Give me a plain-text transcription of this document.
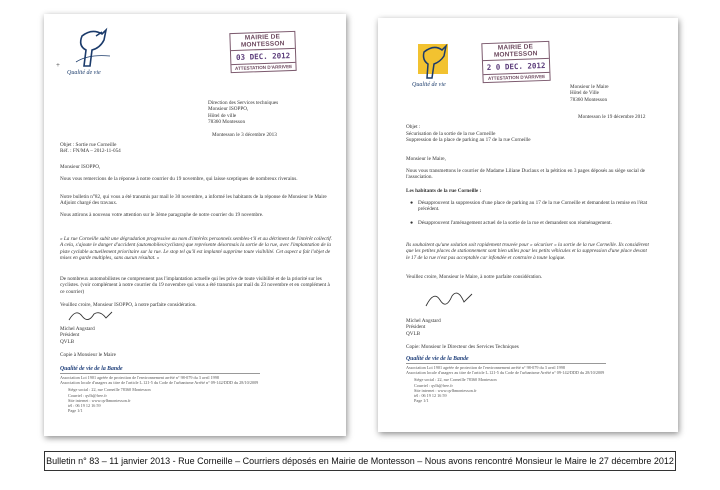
Qualité de vie
+
MAIRIE DE MONTESSON
03 DEC. 2012
ATTESTATION D'ARRIVEE
Direction des Services techniques
Monsieur ISOPPO,
Hôtel de ville
78360 Montesson
Montesson le 3 décembre 2013
Objet : Sortie rue Corneille
Réf. : FN/MA – 2012-11-054
Monsieur ISOPPO,
Nous vous remercions de la réponse à notre courrier du 19 novembre, qui laisse sceptiques de nombreux riverains.
Notre bulletin n°82, qui vous a été transmis par mail le 30 novembre, a informé les habitants de la réponse de Monsieur le Maire Adjoint chargé des travaux.
Nous attirons à nouveau votre attention sur le 3ème paragraphe de notre courrier du 19 novembre.
« La rue Corneille subit une dégradation progressive au nom d'intérêts personnels sembles-t'il et au détriment de l'intérêt collectif. A cela, s'ajoute le danger d'accident (automobiles/cyclistes) que représente désormais la sortie de la rue, avec l'implantation de la piste cyclable actuellement prioritaire sur la rue. Le stop tel qu'il est implanté supprime toute visibilité. Cet aspect a fait l'objet de mises en garde multiples, sans aucun résultat. »
De nombreux automobilistes ne comprennent pas l'implantation actuelle qui les prive de toute visibilité et de la priorité sur les cyclistes. (voir complément à notre courrier du 19 novembre qui vous a été transmis par mail du 23 novembre et en complément à ce courrier)
Veuillez croire, Monsieur ISOPPO, à notre parfaite considération.
Michel Angstard
Président
QVLB
Copie à Monsieur le Maire
Qualité de vie de la Bande
Association Loi 1901 agréée de protection de l'environnement arrêté n° 98-079 du 3 avril 1998
Association locale d'usagers au titre de l'article L.121-5 du Code de l'urbanisme Arrêté n° 09-142/DDD du 28/10/2009
Siège social : 22, rue Corneille 78360 Montesson
Courriel : qvlb@free.fr
Site internet : www.qvlbmontesson.fr
tél : 06 19 12 16 59
Page 1/1
Qualité de vie
MAIRIE DE MONTESSON
2 0 DEC. 2012
ATTESTATION D'ARRIVEE
Monsieur le Maire
Hôtel de Ville
78360 Montesson
Montesson le 19 décembre 2012
Objet :
Sécurisation de la sortie de la rue Corneille
Suppression de la place de parking au 17 de la rue Corneille
Monsieur le Maire,
Nous vous transmettons le courrier de Madame Liliane Duclaux et la pétition en 3 pages déposés au siège social de l'association.
Les habitants de la rue Corneille :
● Désapprouvent la suppression d'une place de parking au 17 de la rue Corneille et demandent la remise en l'état précédent.
● Désapprouvent l'aménagement actuel de la sortie de la rue et demandent son réaménagement.
Ils souhaitent qu'une solution soit rapidement trouvée pour « sécuriser » la sortie de la rue Corneille. Ils considèrent que les petites places de stationnement sont bien utiles pour les petits véhicules et la suppression d'une place devant le 17 de la rue n'est pas acceptable car infondée et contraire à toute logique.
Veuillez croire, Monsieur le Maire, à notre parfaite considération.
Michel Angstard
Président
QVLB
Copie: Monsieur le Directeur des Services Techniques
Qualité de vie de la Bande
Association Loi 1901 agréée de protection de l'environnement arrêté n° 98-079 du 3 avril 1998
Association locale d'usagers au titre de l'article L.121-5 du Code de l'urbanisme Arrêté n° 09-142/DDD du 28/10/2009
Siège social : 22, rue Corneille 78360 Montesson
Courriel : qvlb@free.fr
Site internet : www.qvlbmontesson.fr
tél : 06 19 12 16 59
Page 1/1
Bulletin n° 83 – 11 janvier 2013 - Rue Corneille – Courriers déposés en Mairie de Montesson – Nous avons rencontré Monsieur le Maire le 27 décembre 2012
